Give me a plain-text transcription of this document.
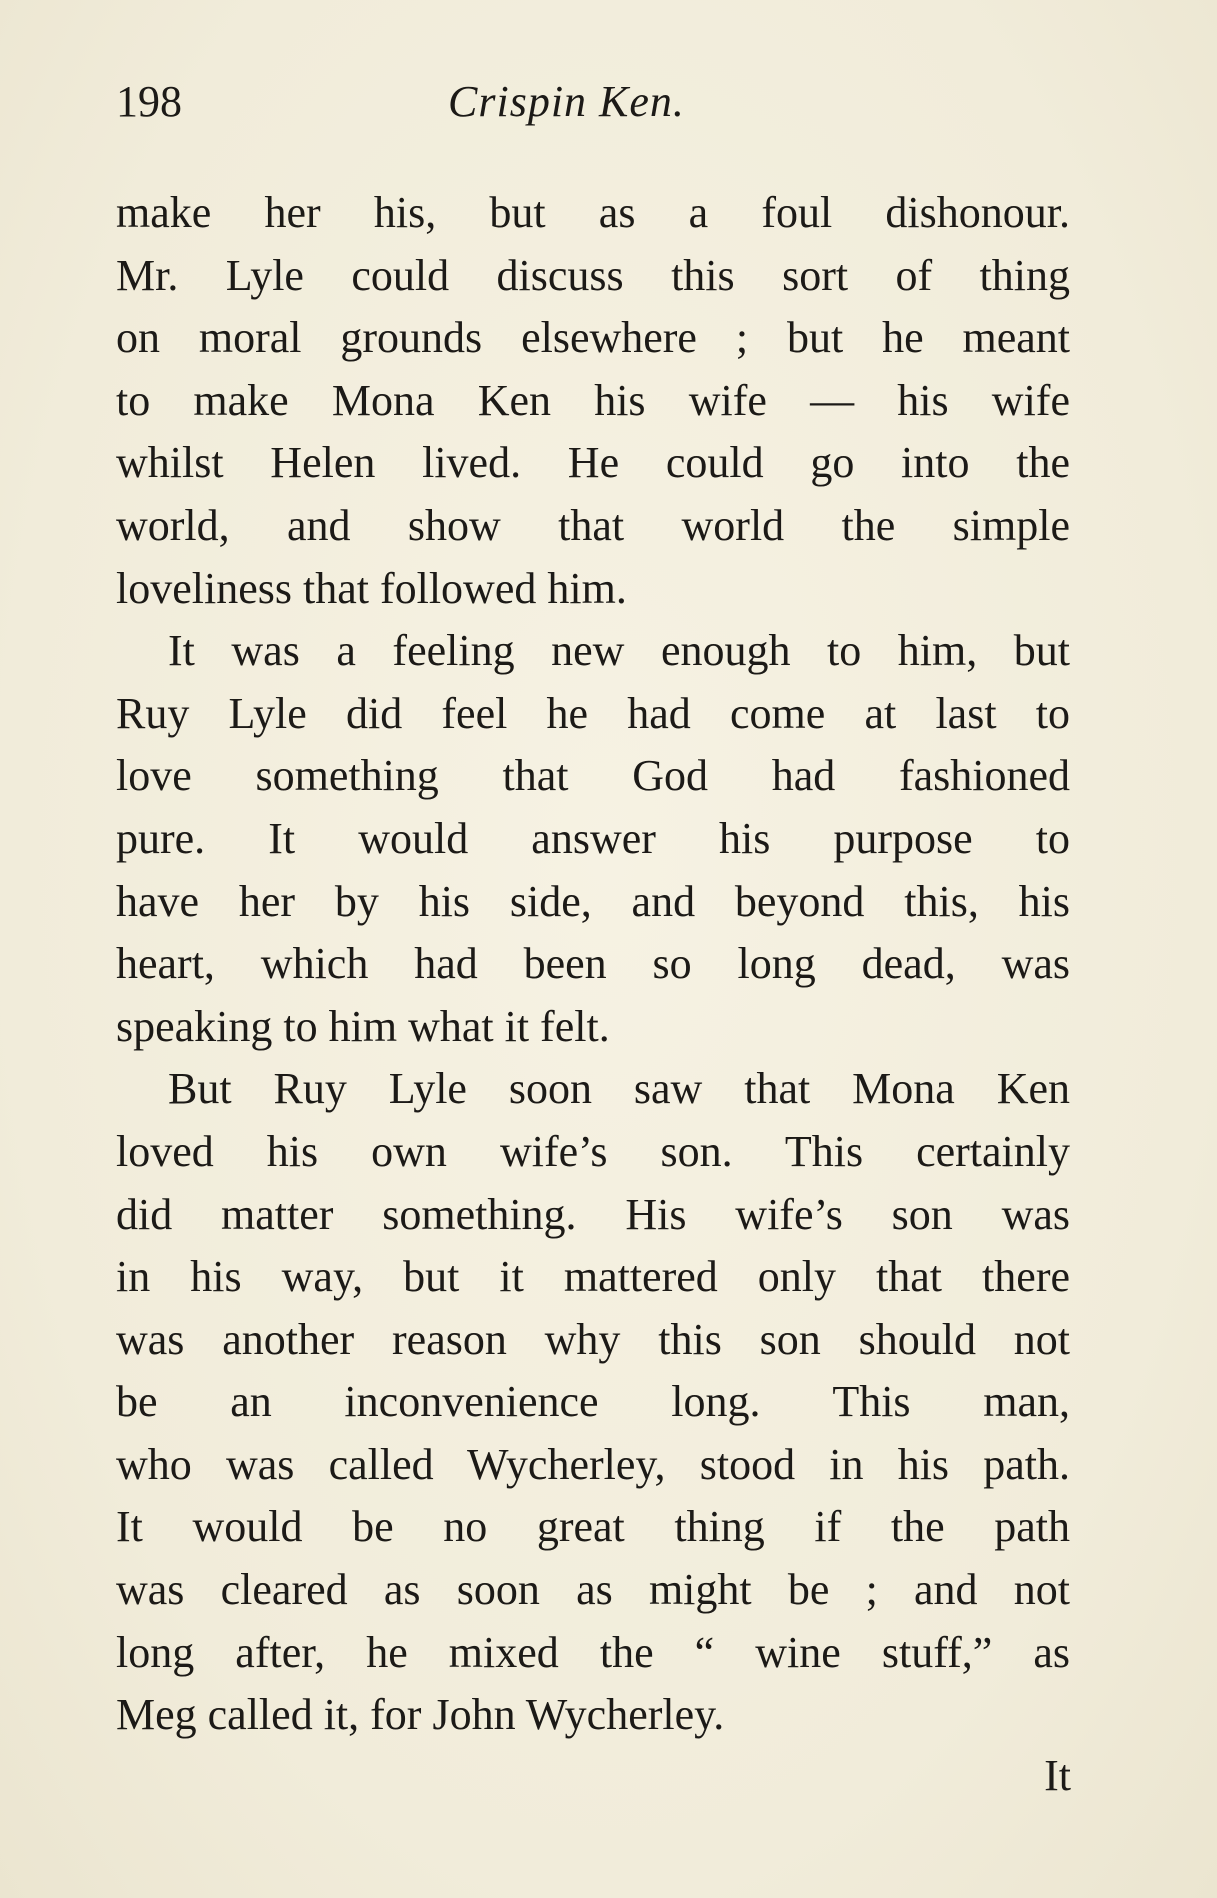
198	Crispin Ken.
make her his, but as a foul dishonour.
Mr. Lyle could discuss this sort of thing
on moral grounds elsewhere ; but he meant
to make Mona Ken his wife — his wife
whilst Helen lived. He could go into the
world, and show that world the simple
loveliness that followed him.
It was a feeling new enough to him, but
Ruy Lyle did feel he had come at last to
love something that God had fashioned
pure. It would answer his purpose to
have her by his side, and beyond this, his
heart, which had been so long dead, was
speaking to him what it felt.
But Ruy Lyle soon saw that Mona Ken
loved his own wife’s son. This certainly
did matter something. His wife’s son was
in his way, but it mattered only that there
was another reason why this son should not
be an inconvenience long. This man,
who was called Wycherley, stood in his path.
It would be no great thing if the path
was cleared as soon as might be ; and not
long after, he mixed the “ wine stuff,” as
Meg called it, for John Wycherley.
It
